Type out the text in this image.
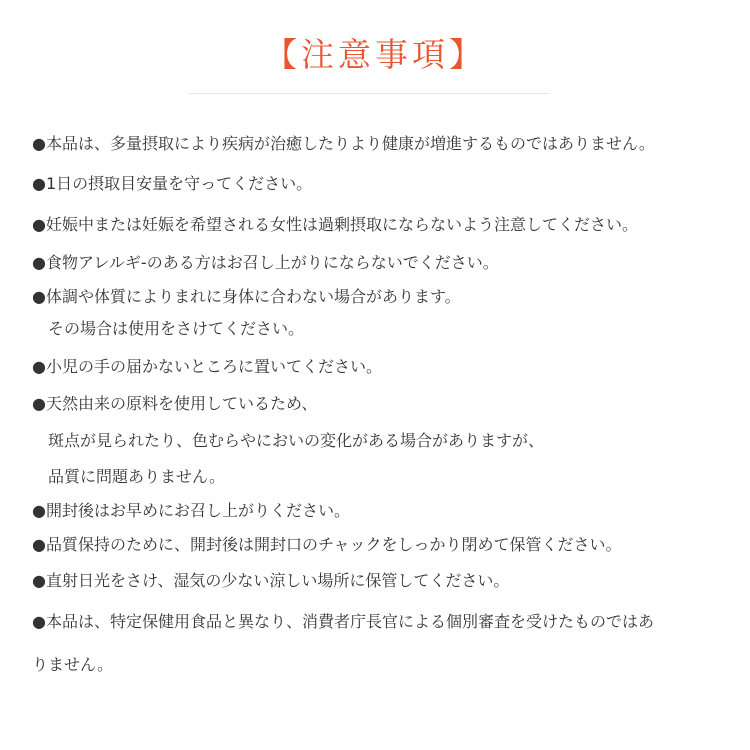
【注意事項】
●本品は、多量摂取により疾病が治癒したりより健康が増進するものではありません。
●1日の摂取目安量を守ってください。
●妊娠中または妊娠を希望される女性は過剰摂取にならないよう注意してください。
●食物アレルギ-のある方はお召し上がりにならないでください。
●体調や体質によりまれに身体に合わない場合があります。
その場合は使用をさけてください。
●小児の手の届かないところに置いてください。
●天然由来の原料を使用しているため、
斑点が見られたり、色むらやにおいの変化がある場合がありますが、
品質に問題ありません。
●開封後はお早めにお召し上がりください。
●品質保持のために、開封後は開封口のチャックをしっかり閉めて保管ください。
●直射日光をさけ、湿気の少ない涼しい場所に保管してください。
●本品は、特定保健用食品と異なり、消費者庁長官による個別審査を受けたものではあ
りません。
